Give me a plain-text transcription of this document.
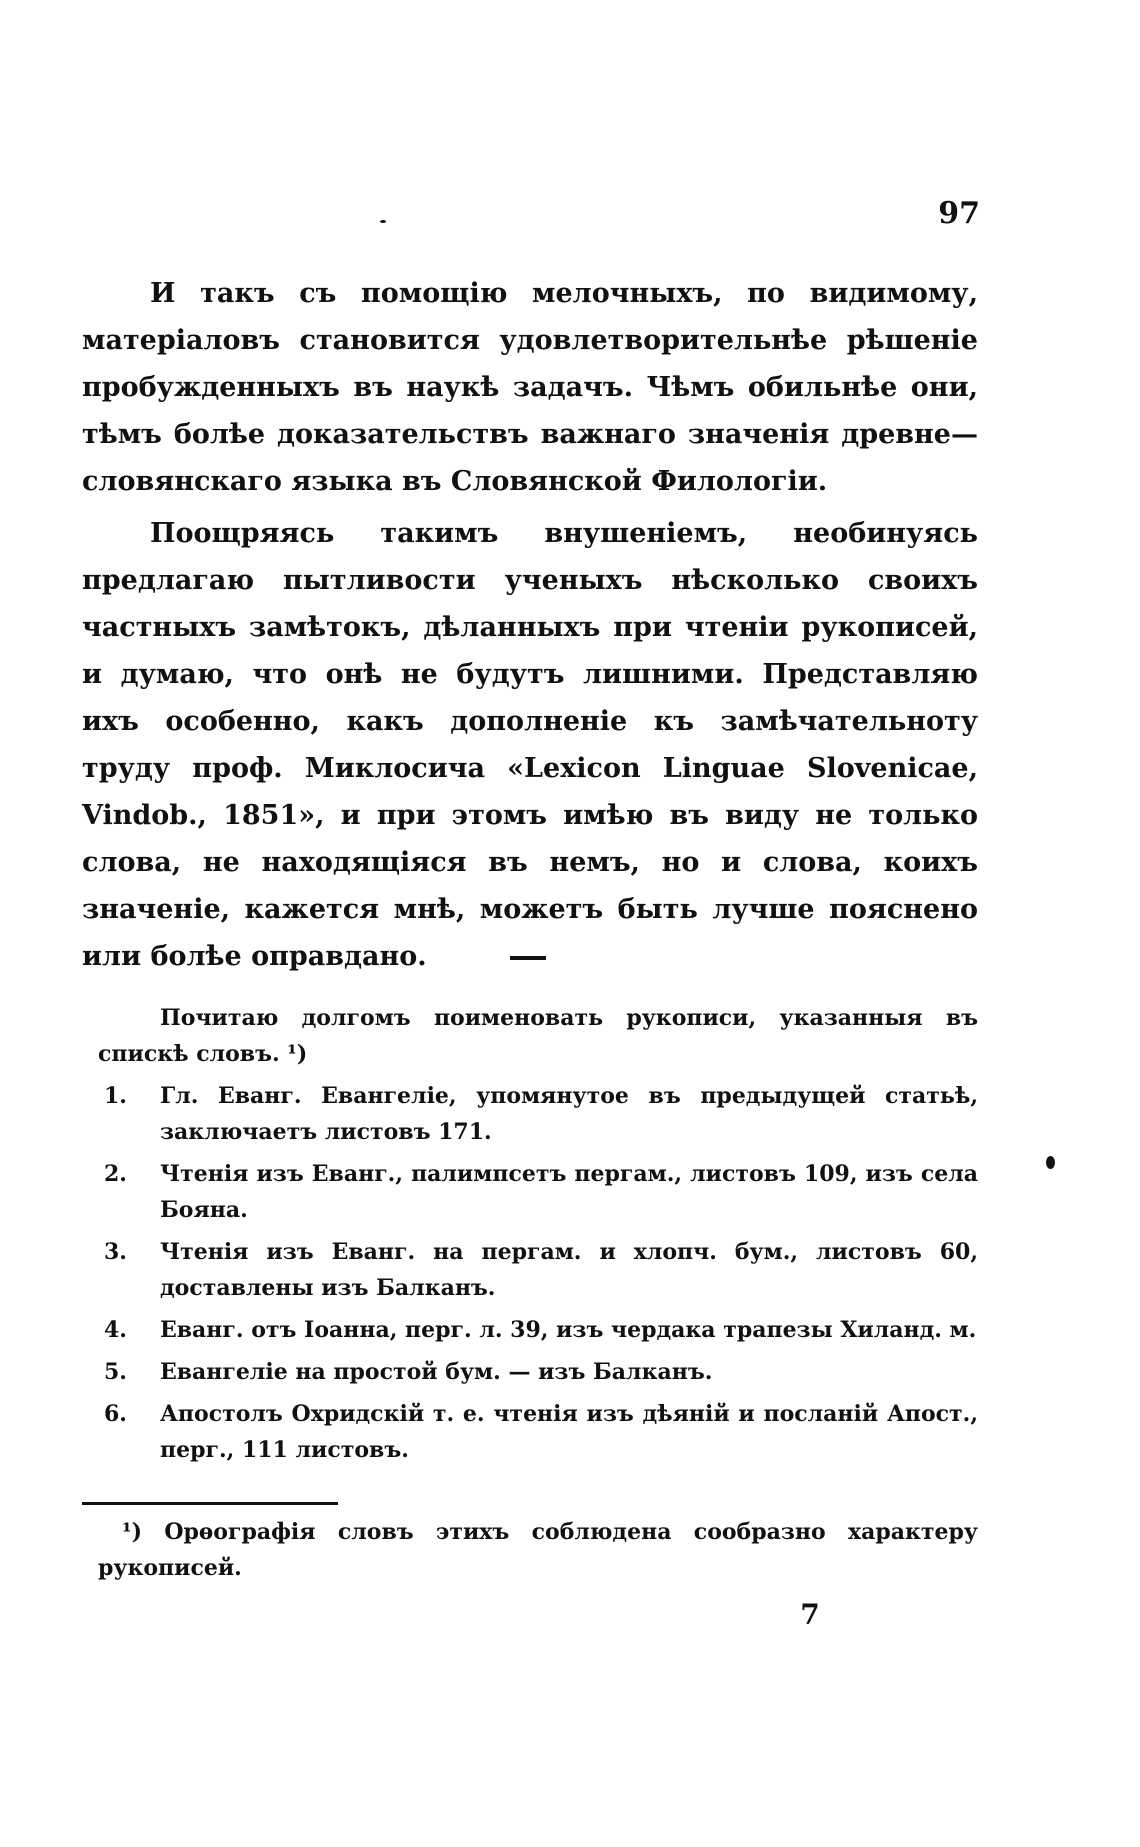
97

И такъ съ помощію мелочныхъ, по видимому, матеріаловъ становится удовлетворительнѣе рѣшеніе пробужденныхъ въ наукѣ задачъ. Чѣмъ обильнѣе они, тѣмъ болѣе доказательствъ важнаго значенія древне—словянскаго языка въ Словянской Филологіи.

Поощряясь такимъ внушеніемъ, необинуясь предлагаю пытливости ученыхъ нѣсколько своихъ частныхъ замѣтокъ, дѣланныхъ при чтеніи рукописей, и думаю, что онѣ не будутъ лишними. Представляю ихъ особенно, какъ дополненіе къ замѣчательноту труду проф. Миклосича «Lexicon Linguae Slovenicae, Vindob., 1851», и при этомъ имѣю въ виду не только слова, не находящіяся въ немъ, но и слова, коихъ значеніе, кажется мнѣ, можетъ быть лучше пояснено или болѣе оправдано.

Почитаю долгомъ поименовать рукописи, указанныя въ спискѣ словъ. ¹)

1.	Гл. Еванг. Евангеліе, упомянутое въ предыдущей статьѣ, заключаетъ листовъ 171.
2.	Чтенія изъ Еванг., палимпсетъ пергам., листовъ 109, изъ села Бояна.
3.	Чтенія изъ Еванг. на пергам. и хлопч. бум., листовъ 60, доставлены изъ Балканъ.
4.	Еванг. отъ Іоанна, перг. л. 39, изъ чердака трапезы Хиланд. м.
5.	Евангеліе на простой бум. — изъ Балканъ.
6.	Апостолъ Охридскій т. е. чтенія изъ дѣяній и посланій Апост., перг., 111 листовъ.

¹) Орѳографія словъ этихъ соблюдена сообразно характеру рукописей.

7
